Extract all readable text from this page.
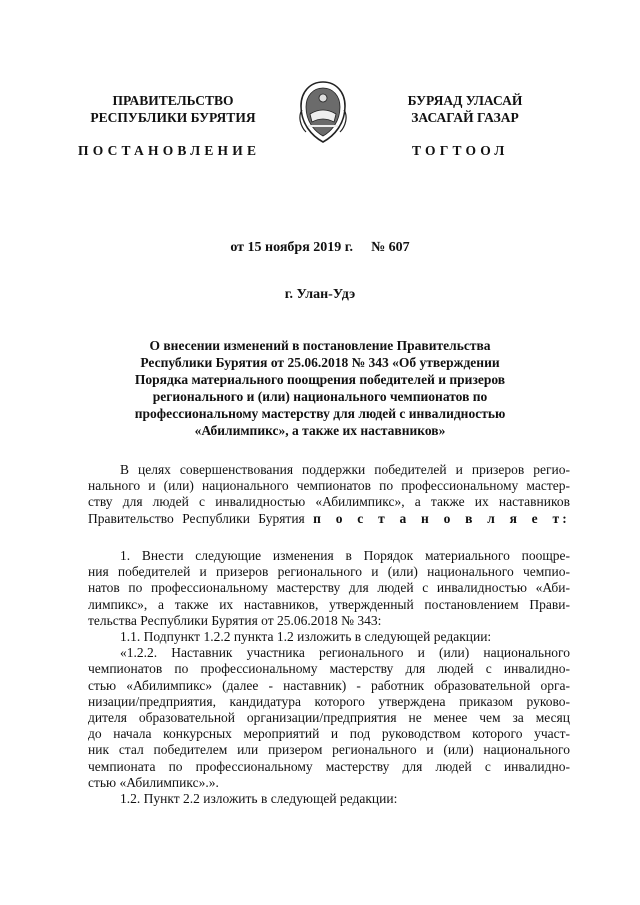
ПРАВИТЕЛЬСТВО
РЕСПУБЛИКИ БУРЯТИЯ
БУРЯАД УЛАСАЙ
ЗАСАГАЙ ГАЗАР
ПОСТАНОВЛЕНИЕ	ТОГТООЛ
от 15 ноября 2019 г. № 607
г. Улан-Удэ
О внесении изменений в постановление Правительства
Республики Бурятия от 25.06.2018 № 343 «Об утверждении
Порядка материального поощрения победителей и призеров
регионального и (или) национального чемпионатов по
профессиональному мастерству для людей с инвалидностью
«Абилимпикс», а также их наставников»
В целях совершенствования поддержки победителей и призеров регио-
нального и (или) национального чемпионатов по профессиональному мастер-
ству для людей с инвалидностью «Абилимпикс», а также их наставников
Правительство Республики Бурятия п о с т а н о в л я е т:
1. Внести следующие изменения в Порядок материального поощре-
ния победителей и призеров регионального и (или) национального чемпио-
натов по профессиональному мастерству для людей с инвалидностью «Аби-
лимпикс», а также их наставников, утвержденный постановлением Прави-
тельства Республики Бурятия от 25.06.2018 № 343:
1.1. Подпункт 1.2.2 пункта 1.2 изложить в следующей редакции:
«1.2.2. Наставник участника регионального и (или) национального
чемпионатов по профессиональному мастерству для людей с инвалидно-
стью «Абилимпикс» (далее - наставник) - работник образовательной орга-
низации/предприятия, кандидатура которого утверждена приказом руково-
дителя образовательной организации/предприятия не менее чем за месяц
до начала конкурсных мероприятий и под руководством которого участ-
ник стал победителем или призером регионального и (или) национального
чемпионата по профессиональному мастерству для людей с инвалидно-
стью «Абилимпикс».».
1.2. Пункт 2.2 изложить в следующей редакции:
